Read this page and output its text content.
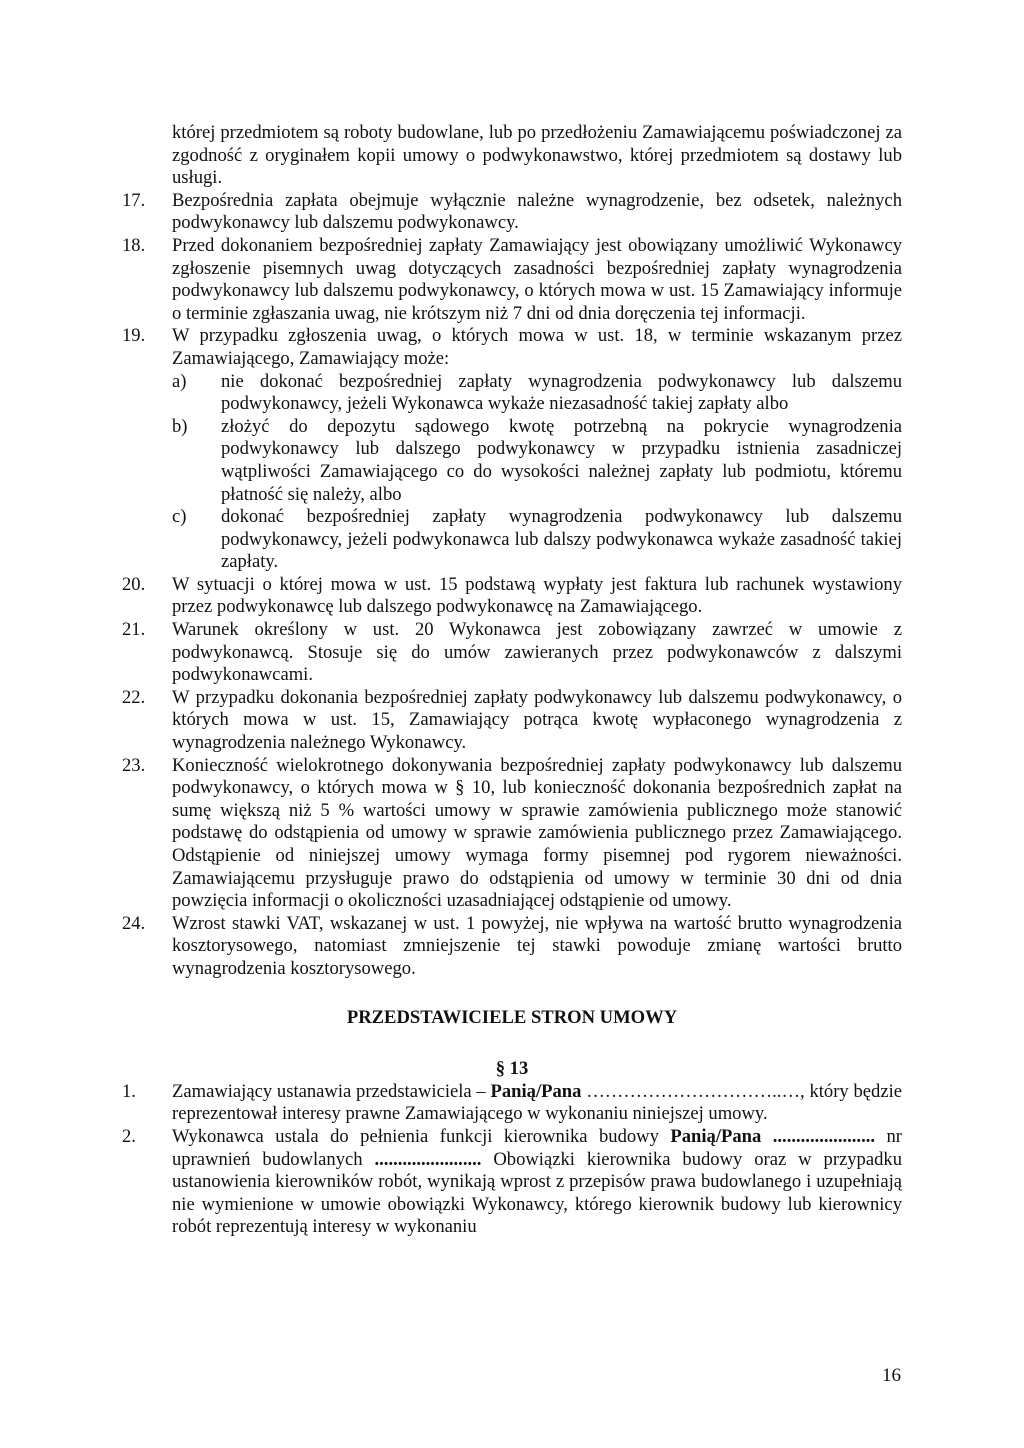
której przedmiotem są roboty budowlane, lub po przedłożeniu Zamawiającemu poświadczonej za zgodność z oryginałem kopii umowy o podwykonawstwo, której przedmiotem są dostawy lub usługi.
17. Bezpośrednia zapłata obejmuje wyłącznie należne wynagrodzenie, bez odsetek, należnych podwykonawcy lub dalszemu podwykonawcy.
18. Przed dokonaniem bezpośredniej zapłaty Zamawiający jest obowiązany umożliwić Wykonawcy zgłoszenie pisemnych uwag dotyczących zasadności bezpośredniej zapłaty wynagrodzenia podwykonawcy lub dalszemu podwykonawcy, o których mowa w ust. 15 Zamawiający informuje o terminie zgłaszania uwag, nie krótszym niż 7 dni od dnia doręczenia tej informacji.
19. W przypadku zgłoszenia uwag, o których mowa w ust. 18, w terminie wskazanym przez Zamawiającego, Zamawiający może:
a) nie dokonać bezpośredniej zapłaty wynagrodzenia podwykonawcy lub dalszemu podwykonawcy, jeżeli Wykonawca wykaże niezasadność takiej zapłaty albo
b) złożyć do depozytu sądowego kwotę potrzebną na pokrycie wynagrodzenia podwykonawcy lub dalszego podwykonawcy w przypadku istnienia zasadniczej wątpliwości Zamawiającego co do wysokości należnej zapłaty lub podmiotu, któremu płatność się należy, albo
c) dokonać bezpośredniej zapłaty wynagrodzenia podwykonawcy lub dalszemu podwykonawcy, jeżeli podwykonawca lub dalszy podwykonawca wykaże zasadność takiej zapłaty.
20. W sytuacji o której mowa w ust. 15 podstawą wypłaty jest faktura lub rachunek wystawiony przez podwykonawcę lub dalszego podwykonawcę na Zamawiającego.
21. Warunek określony w ust. 20 Wykonawca jest zobowiązany zawrzeć w umowie z podwykonawcą. Stosuje się do umów zawieranych przez podwykonawców z dalszymi podwykonawcami.
22. W przypadku dokonania bezpośredniej zapłaty podwykonawcy lub dalszemu podwykonawcy, o których mowa w ust. 15, Zamawiający potrąca kwotę wypłaconego wynagrodzenia z wynagrodzenia należnego Wykonawcy.
23. Konieczność wielokrotnego dokonywania bezpośredniej zapłaty podwykonawcy lub dalszemu podwykonawcy, o których mowa w § 10, lub konieczność dokonania bezpośrednich zapłat na sumę większą niż 5 % wartości umowy w sprawie zamówienia publicznego może stanowić podstawę do odstąpienia od umowy w sprawie zamówienia publicznego przez Zamawiającego. Odstąpienie od niniejszej umowy wymaga formy pisemnej pod rygorem nieważności. Zamawiającemu przysługuje prawo do odstąpienia od umowy w terminie 30 dni od dnia powzięcia informacji o okoliczności uzasadniającej odstąpienie od umowy.
24. Wzrost stawki VAT, wskazanej w ust. 1 powyżej, nie wpływa na wartość brutto wynagrodzenia kosztorysowego, natomiast zmniejszenie tej stawki powoduje zmianę wartości brutto wynagrodzenia kosztorysowego.
PRZEDSTAWICIELE STRON UMOWY
§ 13
1. Zamawiający ustanawia przedstawiciela – Panią/Pana …………………………..…, który będzie reprezentował interesy prawne Zamawiającego w wykonaniu niniejszej umowy.
2. Wykonawca ustala do pełnienia funkcji kierownika budowy Panią/Pana ...................... nr uprawnień budowlanych ....................... Obowiązki kierownika budowy oraz w przypadku ustanowienia kierowników robót, wynikają wprost z przepisów prawa budowlanego i uzupełniają nie wymienione w umowie obowiązki Wykonawcy, którego kierownik budowy lub kierownicy robót reprezentują interesy w wykonaniu
16
